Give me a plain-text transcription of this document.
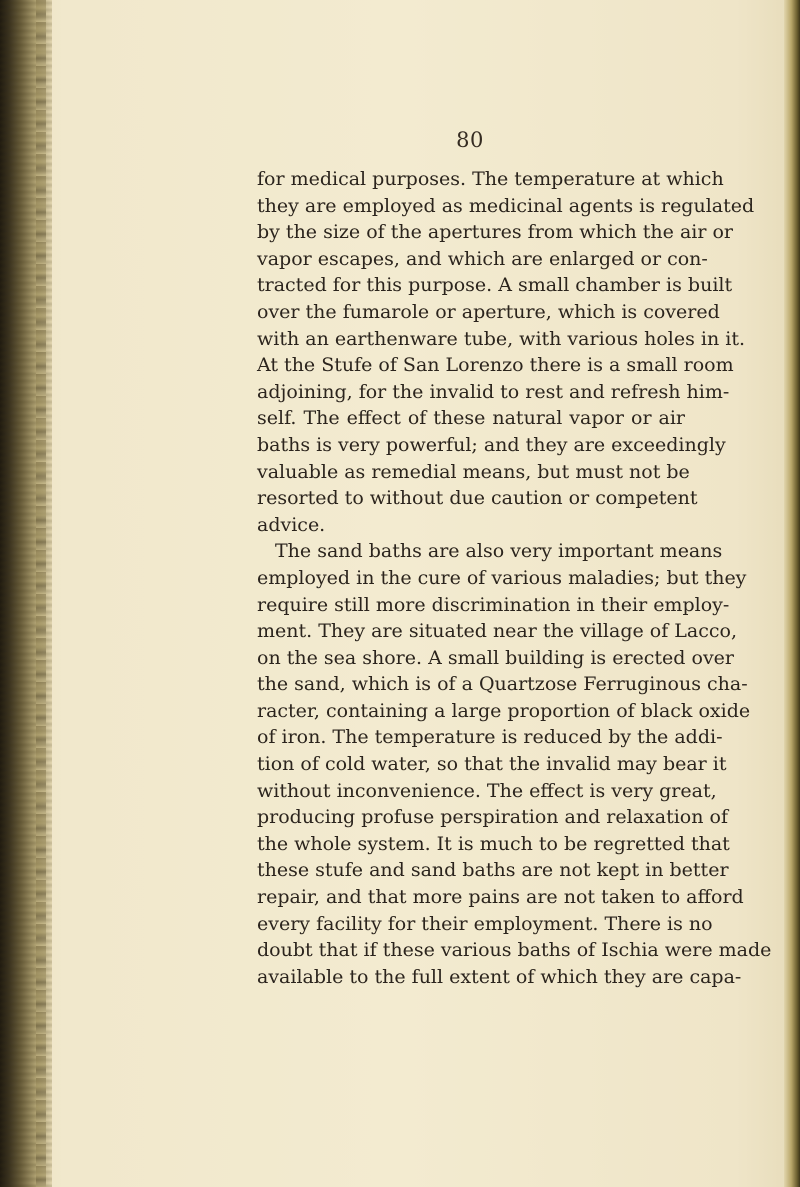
80
for medical purposes. The temperature at which
they are employed as medicinal agents is regulated
by the size of the apertures from which the air or
vapor escapes, and which are enlarged or con-
tracted for this purpose. A small chamber is built
over the fumarole or aperture, which is covered
with an earthenware tube, with various holes in it.
At the Stufe of San Lorenzo there is a small room
adjoining, for the invalid to rest and refresh him-
self. The effect of these natural vapor or air
baths is very powerful; and they are exceedingly
valuable as remedial means, but must not be
resorted to without due caution or competent
advice.
The sand baths are also very important means
employed in the cure of various maladies; but they
require still more discrimination in their employ-
ment. They are situated near the village of Lacco,
on the sea shore. A small building is erected over
the sand, which is of a Quartzose Ferruginous cha-
racter, containing a large proportion of black oxide
of iron. The temperature is reduced by the addi-
tion of cold water, so that the invalid may bear it
without inconvenience. The effect is very great,
producing profuse perspiration and relaxation of
the whole system. It is much to be regretted that
these stufe and sand baths are not kept in better
repair, and that more pains are not taken to afford
every facility for their employment. There is no
doubt that if these various baths of Ischia were made
available to the full extent of which they are capa-
